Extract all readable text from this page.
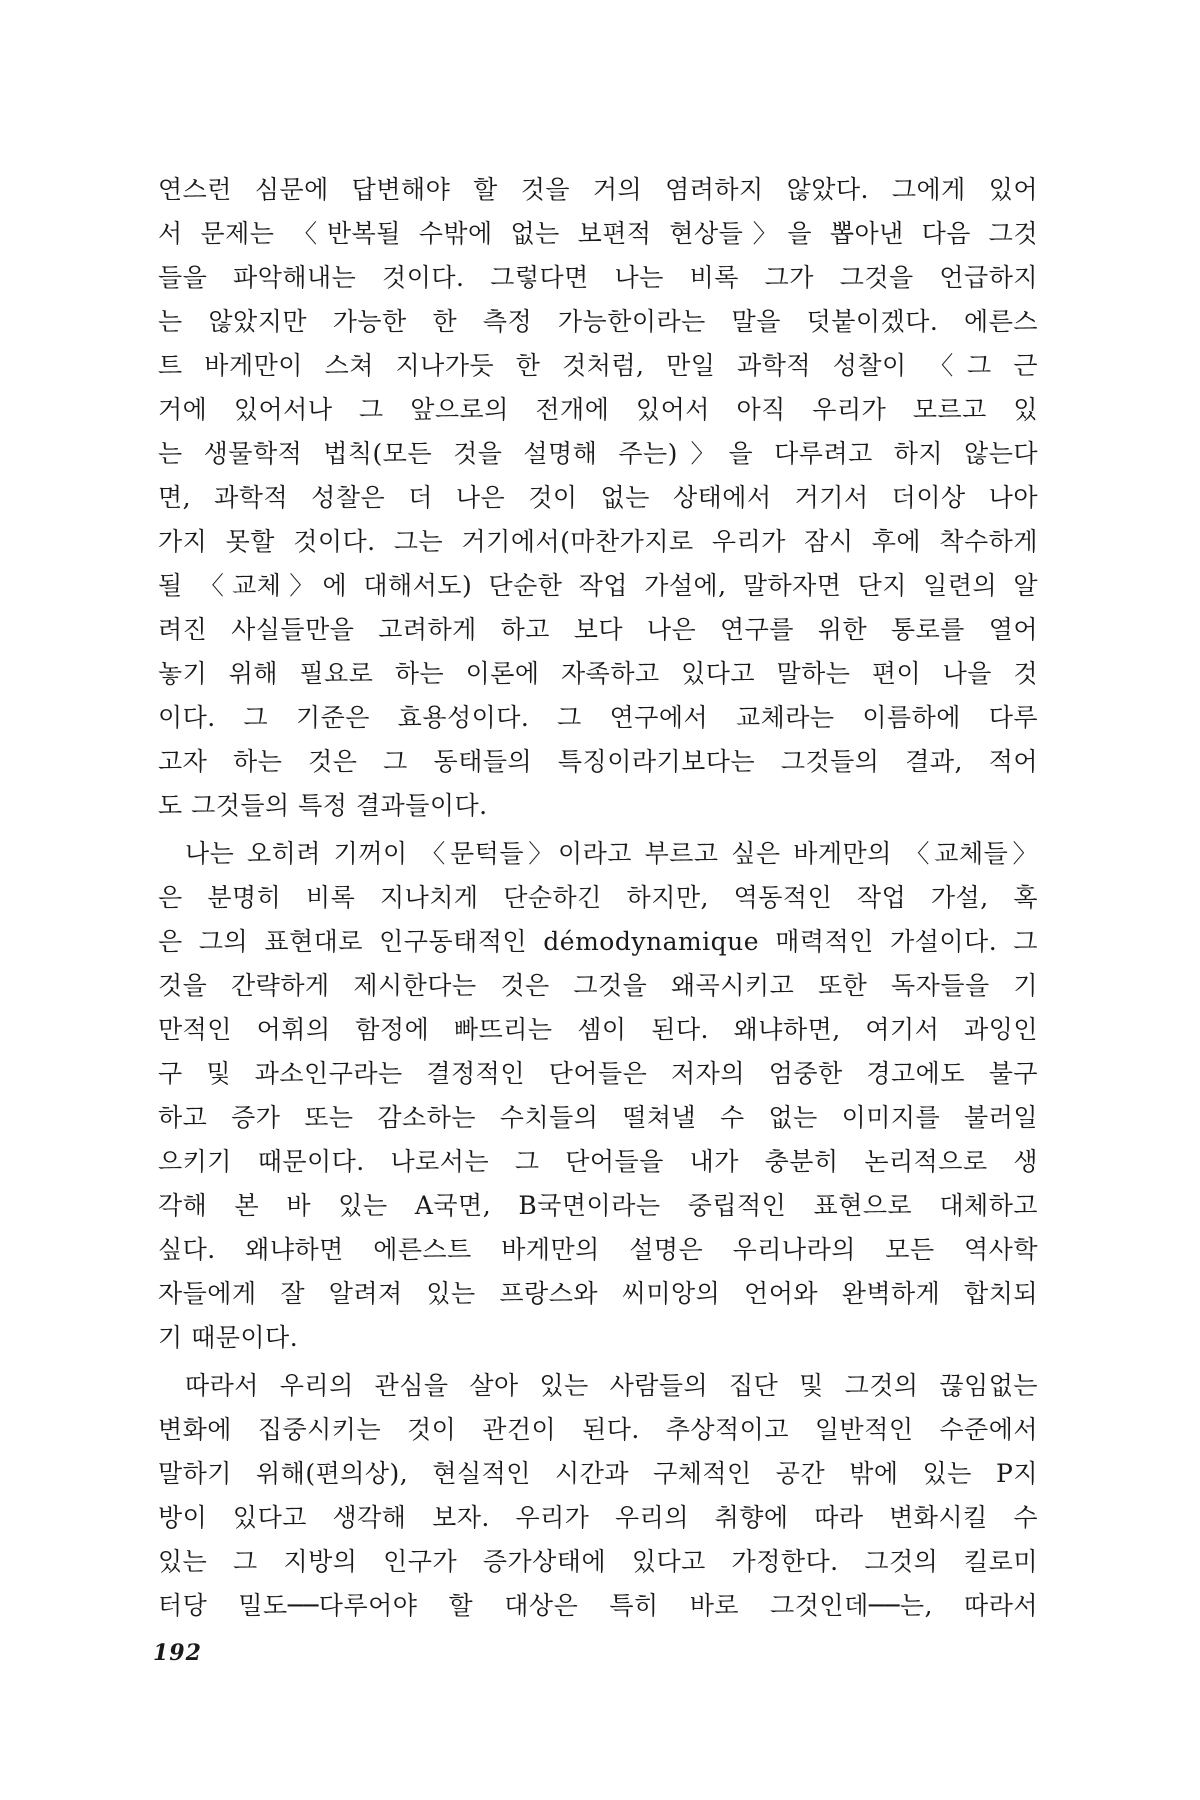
연스런 심문에 답변해야 할 것을 거의 염려하지 않았다. 그에게 있어
서 문제는 〈반복될 수밖에 없는 보편적 현상들〉을 뽑아낸 다음 그것
들을 파악해내는 것이다. 그렇다면 나는 비록 그가 그것을 언급하지
는 않았지만 가능한 한 측정 가능한이라는 말을 덧붙이겠다. 에른스
트 바게만이 스쳐 지나가듯 한 것처럼, 만일 과학적 성찰이 〈그 근
거에 있어서나 그 앞으로의 전개에 있어서 아직 우리가 모르고 있
는 생물학적 법칙(모든 것을 설명해 주는)〉을 다루려고 하지 않는다
면, 과학적 성찰은 더 나은 것이 없는 상태에서 거기서 더이상 나아
가지 못할 것이다. 그는 거기에서(마찬가지로 우리가 잠시 후에 착수하게
될 〈교체〉에 대해서도) 단순한 작업 가설에, 말하자면 단지 일련의 알
려진 사실들만을 고려하게 하고 보다 나은 연구를 위한 통로를 열어
놓기 위해 필요로 하는 이론에 자족하고 있다고 말하는 편이 나을 것
이다. 그 기준은 효용성이다. 그 연구에서 교체라는 이름하에 다루
고자 하는 것은 그 동태들의 특징이라기보다는 그것들의 결과, 적어
도 그것들의 특정 결과들이다.
나는 오히려 기꺼이 〈문턱들〉이라고 부르고 싶은 바게만의 〈교체들〉
은 분명히 비록 지나치게 단순하긴 하지만, 역동적인 작업 가설, 혹
은 그의 표현대로 인구동태적인 démodynamique 매력적인 가설이다. 그
것을 간략하게 제시한다는 것은 그것을 왜곡시키고 또한 독자들을 기
만적인 어휘의 함정에 빠뜨리는 셈이 된다. 왜냐하면, 여기서 과잉인
구 및 과소인구라는 결정적인 단어들은 저자의 엄중한 경고에도 불구
하고 증가 또는 감소하는 수치들의 떨쳐낼 수 없는 이미지를 불러일
으키기 때문이다. 나로서는 그 단어들을 내가 충분히 논리적으로 생
각해 본 바 있는 A국면, B국면이라는 중립적인 표현으로 대체하고
싶다. 왜냐하면 에른스트 바게만의 설명은 우리나라의 모든 역사학
자들에게 잘 알려져 있는 프랑스와 씨미앙의 언어와 완벽하게 합치되
기 때문이다.
따라서 우리의 관심을 살아 있는 사람들의 집단 및 그것의 끊임없는
변화에 집중시키는 것이 관건이 된다. 추상적이고 일반적인 수준에서
말하기 위해(편의상), 현실적인 시간과 구체적인 공간 밖에 있는 P지
방이 있다고 생각해 보자. 우리가 우리의 취향에 따라 변화시킬 수
있는 그 지방의 인구가 증가상태에 있다고 가정한다. 그것의 킬로미
터당 밀도──다루어야 할 대상은 특히 바로 그것인데──는, 따라서
192
